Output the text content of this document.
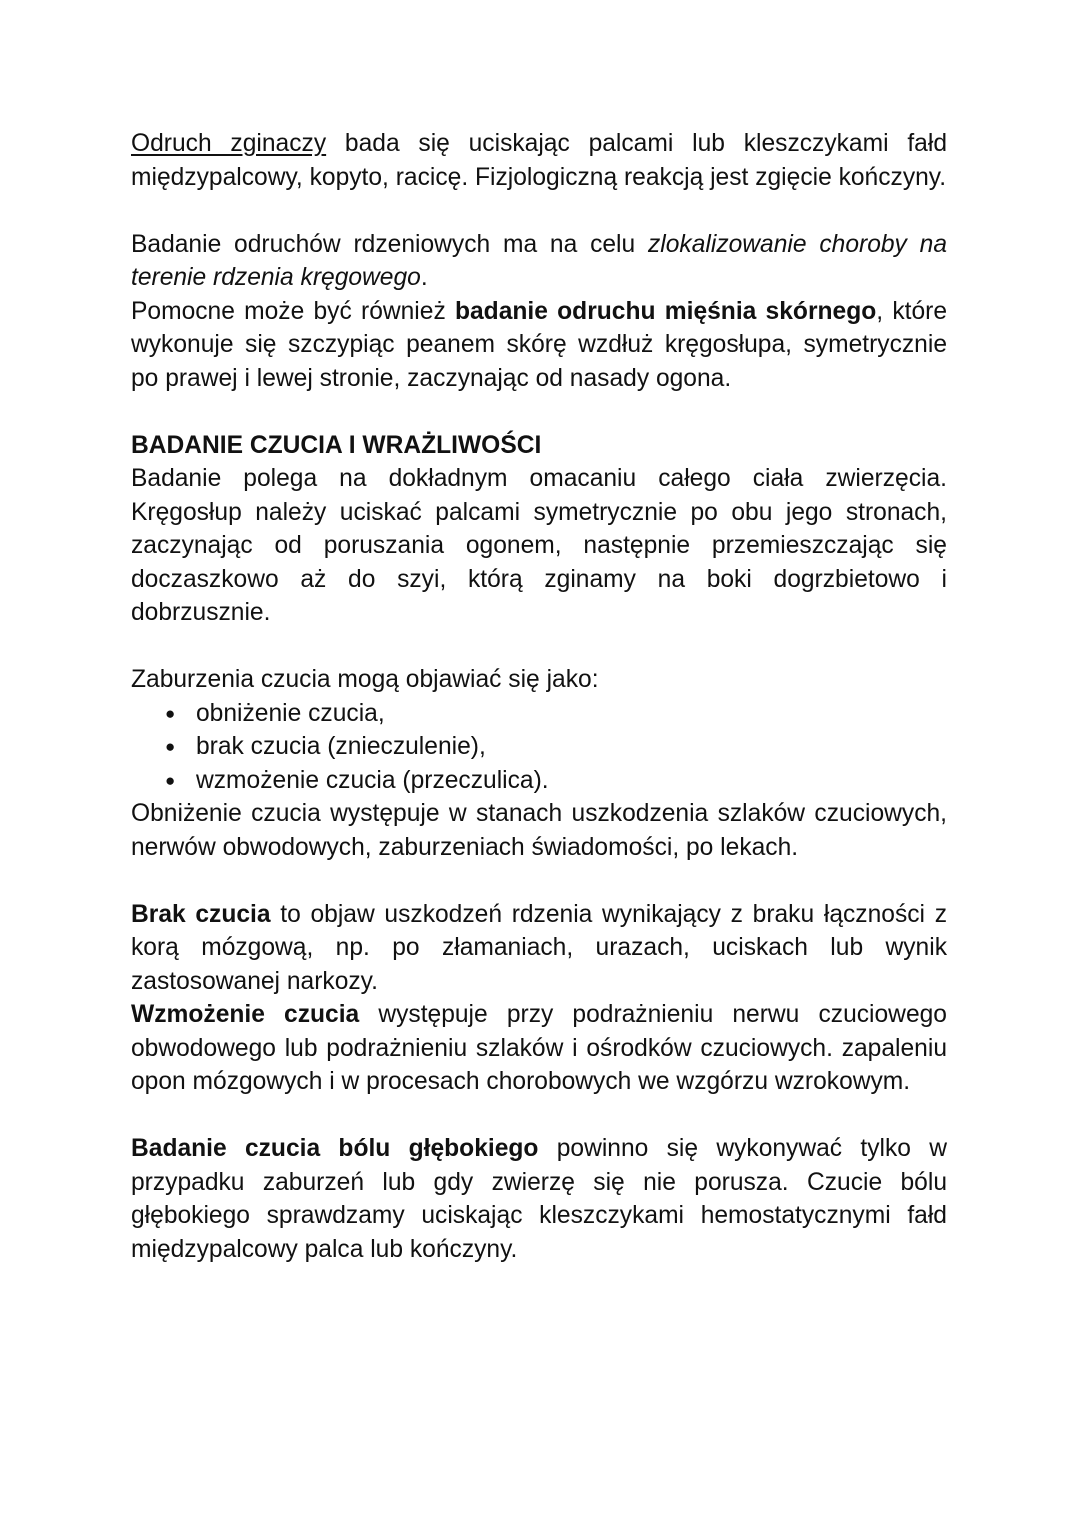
Odruch zginaczy bada się uciskając palcami lub kleszczykami fałd międzypalcowy, kopyto, racicę. Fizjologiczną reakcją jest zgięcie kończyny.

Badanie odruchów rdzeniowych ma na celu zlokalizowanie choroby na terenie rdzenia kręgowego.

Pomocne może być również badanie odruchu mięśnia skórnego, które wykonuje się szczypiąc peanem skórę wzdłuż kręgosłupa, symetrycznie po prawej i lewej stronie, zaczynając od nasady ogona.

BADANIE CZUCIA I WRAŻLIWOŚCI

Badanie polega na dokładnym omacaniu całego ciała zwierzęcia. Kręgosłup należy uciskać palcami symetrycznie po obu jego stronach, zaczynając od poruszania ogonem, następnie przemieszczając się doczaszkowo aż do szyi, którą zginamy na boki dogrzbietowo i dobrzusznie.

Zaburzenia czucia mogą objawiać się jako:

● obniżenie czucia,
● brak czucia (znieczulenie),
● wzmożenie czucia (przeczulica).

Obniżenie czucia występuje w stanach uszkodzenia szlaków czuciowych, nerwów obwodowych, zaburzeniach świadomości, po lekach.

Brak czucia to objaw uszkodzeń rdzenia wynikający z braku łączności z korą mózgową, np. po złamaniach, urazach, uciskach lub wynik zastosowanej narkozy.

Wzmożenie czucia występuje przy podrażnieniu nerwu czuciowego obwodowego lub podrażnieniu szlaków i ośrodków czuciowych. zapaleniu opon mózgowych i w procesach chorobowych we wzgórzu wzrokowym.

Badanie czucia bólu głębokiego powinno się wykonywać tylko w przypadku zaburzeń lub gdy zwierzę się nie porusza. Czucie bólu głębokiego sprawdzamy uciskając kleszczykami hemostatycznymi fałd międzypalcowy palca lub kończyny.
